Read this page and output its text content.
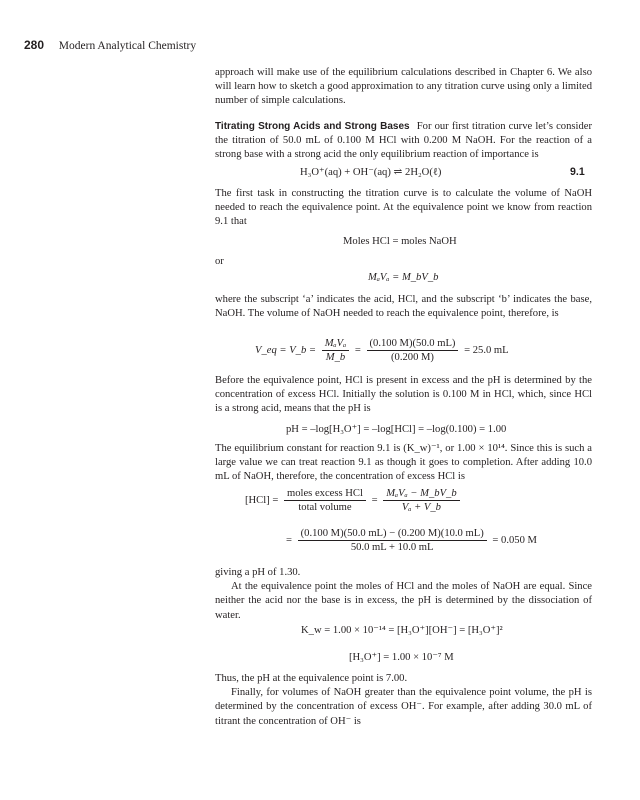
280 Modern Analytical Chemistry

approach will make use of the equilibrium calculations described in Chapter 6. We also will learn how to sketch a good approximation to any titration curve using only a limited number of simple calculations.

Titrating Strong Acids and Strong Bases For our first titration curve let’s consider the titration of 50.0 mL of 0.100 M HCl with 0.200 M NaOH. For the reaction of a strong base with a strong acid the only equilibrium reaction of importance is

H₃O⁺(aq) + OH⁻(aq) ⇌ 2H₂O(ℓ)	9.1

The first task in constructing the titration curve is to calculate the volume of NaOH needed to reach the equivalence point. At the equivalence point we know from reaction 9.1 that

Moles HCl = moles NaOH
or
MₐVₐ = M_bV_b

where the subscript ‘a’ indicates the acid, HCl, and the subscript ‘b’ indicates the base, NaOH. The volume of NaOH needed to reach the equivalence point, therefore, is

V_eq = V_b = $\frac{\text{MₐVₐ}}{M\_b} = \frac{(0.100 M)(50.0 mL)}{(0.200 M)} = 25.0$ mL

Before the equivalence point, HCl is present in excess and the pH is determined by the concentration of excess HCl. Initially the solution is 0.100 M in HCl, which, since HCl is a strong acid, means that the pH is

pH = –log[H₃O⁺] = –log[HCl] = –log(0.100) = 1.00

The equilibrium constant for reaction 9.1 is (K_w)⁻¹, or 1.00 × 10¹⁴. Since this is such a large value we can treat reaction 9.1 as though it goes to completion. After adding 10.0 mL of NaOH, therefore, the concentration of excess HCl is

$[HCl] = \frac{\text{moles excess HCl}}{\text{total volume}} = \frac{\text{MₐVₐ − M\_bV\_b}}{\text{Vₐ + V\_b}}$
= $\frac{(0.100 M)(50.0 mL) - (0.200 M)(10.0 mL)}{50.0 mL + 10.0 mL} = 0.050$ M

giving a pH of 1.30.

At the equivalence point the moles of HCl and the moles of NaOH are equal. Since neither the acid nor the base is in excess, the pH is determined by the dissociation of water.

K_w = 1.00 × 10⁻¹⁴ = [H₃O⁺][OH⁻] = [H₃O⁺]²
[H₃O⁺] = 1.00 × 10⁻⁷ M

Thus, the pH at the equivalence point is 7.00.

Finally, for volumes of NaOH greater than the equivalence point volume, the pH is determined by the concentration of excess OH⁻. For example, after adding 30.0 mL of titrant the concentration of OH⁻ is
